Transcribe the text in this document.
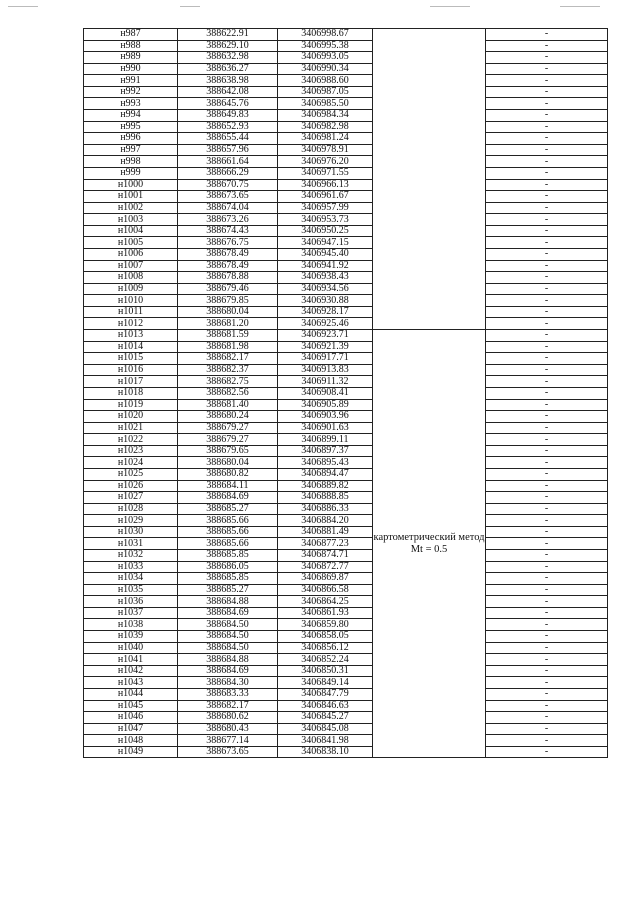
н987	388622.91	3406998.67		-
н988	388629.10	3406995.38		-
н989	388632.98	3406993.05		-
н990	388636.27	3406990.34		-
н991	388638.98	3406988.60		-
н992	388642.08	3406987.05		-
н993	388645.76	3406985.50		-
н994	388649.83	3406984.34		-
н995	388652.93	3406982.98		-
н996	388655.44	3406981.24		-
н997	388657.96	3406978.91		-
н998	388661.64	3406976.20		-
н999	388666.29	3406971.55		-
н1000	388670.75	3406966.13		-
н1001	388673.65	3406961.67		-
н1002	388674.04	3406957.99		-
н1003	388673.26	3406953.73		-
н1004	388674.43	3406950.25		-
н1005	388676.75	3406947.15		-
н1006	388678.49	3406945.40		-
н1007	388678.49	3406941.92		-
н1008	388678.88	3406938.43		-
н1009	388679.46	3406934.56		-
н1010	388679.85	3406930.88		-
н1011	388680.04	3406928.17		-
н1012	388681.20	3406925.46		-
н1013	388681.59	3406923.71	картометрический метод Mt = 0.5	-
н1014	388681.98	3406921.39		-
н1015	388682.17	3406917.71		-
н1016	388682.37	3406913.83		-
н1017	388682.75	3406911.32		-
н1018	388682.56	3406908.41		-
н1019	388681.40	3406905.89		-
н1020	388680.24	3406903.96		-
н1021	388679.27	3406901.63		-
н1022	388679.27	3406899.11		-
н1023	388679.65	3406897.37		-
н1024	388680.04	3406895.43		-
н1025	388680.82	3406894.47		-
н1026	388684.11	3406889.82		-
н1027	388684.69	3406888.85		-
н1028	388685.27	3406886.33		-
н1029	388685.66	3406884.20		-
н1030	388685.66	3406881.49		-
н1031	388685.66	3406877.23		-
н1032	388685.85	3406874.71		-
н1033	388686.05	3406872.77		-
н1034	388685.85	3406869.87		-
н1035	388685.27	3406866.58		-
н1036	388684.88	3406864.25		-
н1037	388684.69	3406861.93		-
н1038	388684.50	3406859.80		-
н1039	388684.50	3406858.05		-
н1040	388684.50	3406856.12		-
н1041	388684.88	3406852.24		-
н1042	388684.69	3406850.31		-
н1043	388684.30	3406849.14		-
н1044	388683.33	3406847.79		-
н1045	388682.17	3406846.63		-
н1046	388680.62	3406845.27		-
н1047	388680.43	3406845.08		-
н1048	388677.14	3406841.98		-
н1049	388673.65	3406838.10		-
